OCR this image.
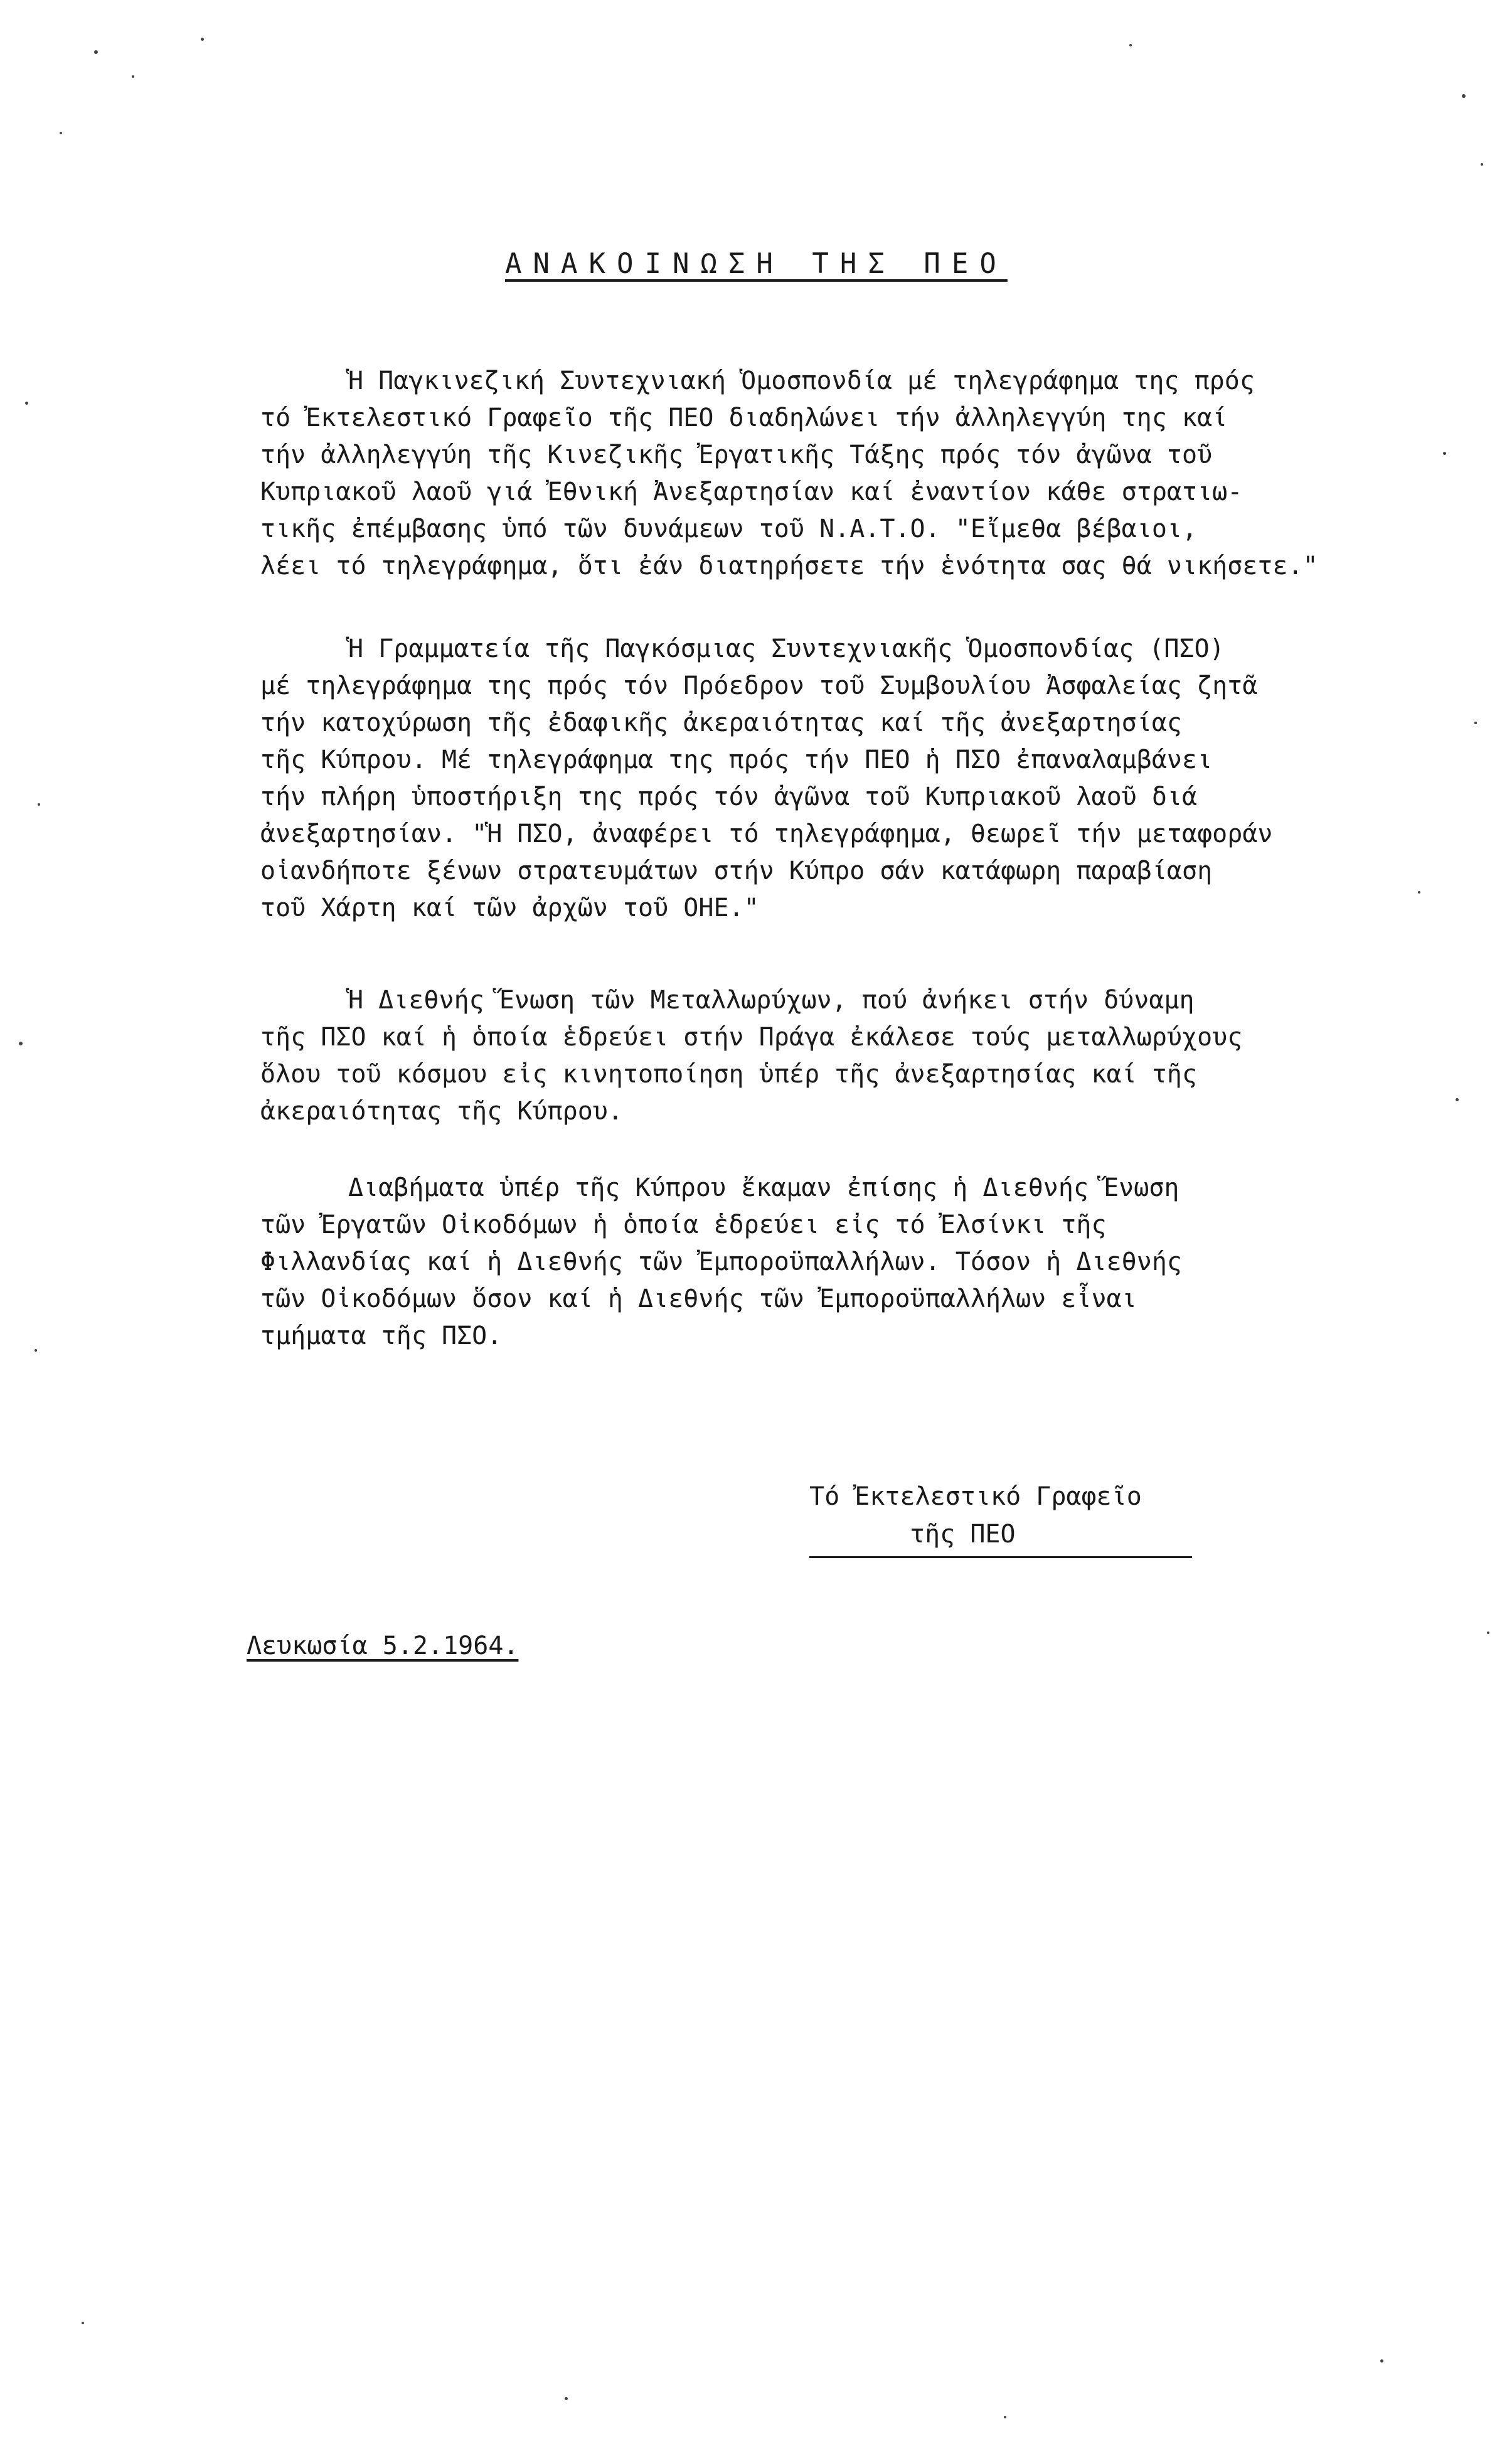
ΑΝΑΚΟΙΝΩΣΗ ΤΗΣ ΠΕΟ
Ἡ Παγκινεζική Συντεχνιακή Ὁμοσπονδία μέ τηλεγράφημα της πρός
τό Ἐκτελεστικό Γραφεῖο τῆς ΠΕΟ διαδηλώνει τήν ἀλληλεγγύη της καί
τήν ἀλληλεγγύη τῆς Κινεζικῆς Ἐργατικῆς Τάξης πρός τόν ἀγῶνα τοῦ
Κυπριακοῦ λαοῦ γιά Ἐθνική Ἀνεξαρτησίαν καί ἐναντίον κάθε στρατιω-
τικῆς ἐπέμβασης ὑπό τῶν δυνάμεων τοῦ Ν.Α.Τ.Ο. "Εἴμεθα βέβαιοι,
λέει τό τηλεγράφημα, ὅτι ἐάν διατηρήσετε τήν ἑνότητα σας θά νικήσετε."
Ἡ Γραμματεία τῆς Παγκόσμιας Συντεχνιακῆς Ὁμοσπονδίας (ΠΣΟ)
μέ τηλεγράφημα της πρός τόν Πρόεδρον τοῦ Συμβουλίου Ἀσφαλείας ζητᾶ
τήν κατοχύρωση τῆς ἐδαφικῆς ἀκεραιότητας καί τῆς ἀνεξαρτησίας
τῆς Κύπρου. Μέ τηλεγράφημα της πρός τήν ΠΕΟ ἡ ΠΣΟ ἐπαναλαμβάνει
τήν πλήρη ὑποστήριξη της πρός τόν ἀγῶνα τοῦ Κυπριακοῦ λαοῦ διά
ἀνεξαρτησίαν. "Ἡ ΠΣΟ, ἀναφέρει τό τηλεγράφημα, θεωρεῖ τήν μεταφοράν
οἱανδήποτε ξένων στρατευμάτων στήν Κύπρο σάν κατάφωρη παραβίαση
τοῦ Χάρτη καί τῶν ἀρχῶν τοῦ ΟΗΕ."
Ἡ Διεθνής Ἕνωση τῶν Μεταλλωρύχων, πού ἀνήκει στήν δύναμη
τῆς ΠΣΟ καί ἡ ὁποία ἑδρεύει στήν Πράγα ἐκάλεσε τούς μεταλλωρύχους
ὅλου τοῦ κόσμου εἰς κινητοποίηση ὑπέρ τῆς ἀνεξαρτησίας καί τῆς
ἀκεραιότητας τῆς Κύπρου.
Διαβήματα ὑπέρ τῆς Κύπρου ἔκαμαν ἐπίσης ἡ Διεθνής Ἕνωση
τῶν Ἐργατῶν Οἰκοδόμων ἡ ὁποία ἑδρεύει εἰς τό Ἐλσίνκι τῆς
Φιλλανδίας καί ἡ Διεθνής τῶν Ἐμποροϋπαλλήλων. Τόσον ἡ Διεθνής
τῶν Οἰκοδόμων ὅσον καί ἡ Διεθνής τῶν Ἐμποροϋπαλλήλων εἶναι
τμήματα τῆς ΠΣΟ.
Τό Ἐκτελεστικό Γραφεῖο
τῆς ΠΕΟ
Λευκωσία 5.2.1964.
